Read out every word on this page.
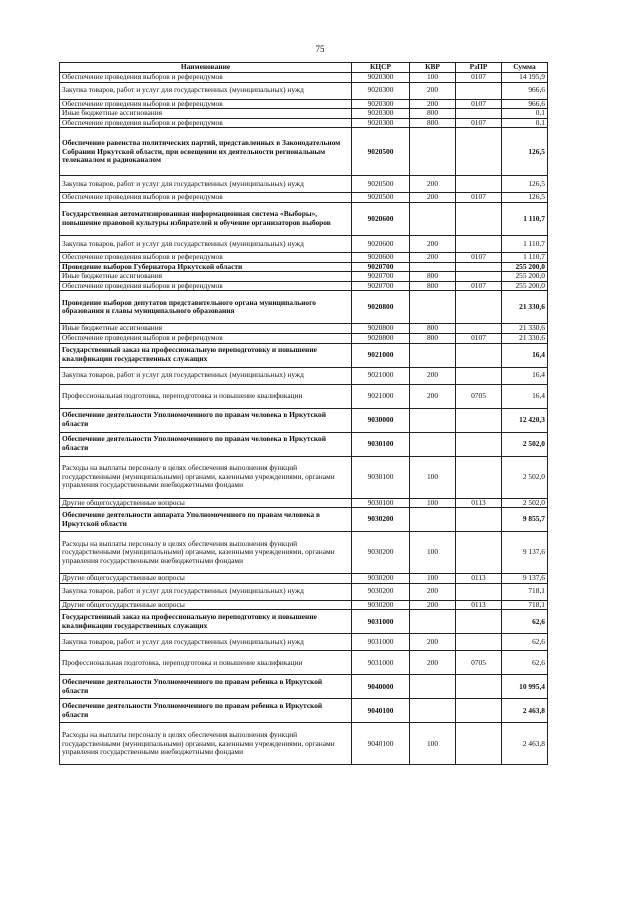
75
Наименование	КЦСР	КВР	РзПР	Сумма
Обеспечение проведения выборов и референдумов	9020300	100	0107	14 195,9
Закупка товаров, работ и услуг для государственных (муниципальных) нужд	9020300	200		966,6
Обеспечение проведения выборов и референдумов	9020300	200	0107	966,6
Иные бюджетные ассигнования	9020300	800		0,1
Обеспечение проведения выборов и референдумов	9020300	800	0107	0,1
Обеспечение равенства политических партий, представленных в Законодательном Собрании Иркутской области, при освещении их деятельности региональным телеканалом и радиоканалом	9020500			126,5
Закупка товаров, работ и услуг для государственных (муниципальных) нужд	9020500	200		126,5
Обеспечение проведения выборов и референдумов	9020500	200	0107	126,5
Государственная автоматизированная информационная система «Выборы», повышение правовой культуры избирателей и обучение организаторов выборов	9020600			1 110,7
Закупка товаров, работ и услуг для государственных (муниципальных) нужд	9020600	200		1 110,7
Обеспечение проведения выборов и референдумов	9020600	200	0107	1 110,7
Проведение выборов Губернатора Иркутской области	9020700			255 200,0
Иные бюджетные ассигнования	9020700	800		255 200,0
Обеспечение проведения выборов и референдумов	9020700	800	0107	255 200,0
Проведение выборов депутатов представительного органа муниципального образования и главы муниципального образования	9020800			21 330,6
Иные бюджетные ассигнования	9020800	800		21 330,6
Обеспечение проведения выборов и референдумов	9020800	800	0107	21 330,6
Государственный заказ на профессиональную переподготовку и повышение квалификации государственных служащих	9021000			16,4
Закупка товаров, работ и услуг для государственных (муниципальных) нужд	9021000	200		16,4
Профессиональная подготовка, переподготовка и повышение квалификации	9021000	200	0705	16,4
Обеспечение деятельности Уполномоченного по правам человека в Иркутской области	9030000			12 420,3
Обеспечение деятельности Уполномоченного по правам человека в Иркутской области	9030100			2 502,0
Расходы на выплаты персоналу в целях обеспечения выполнения функций государственными (муниципальными) органами, казенными учреждениями, органами управления государственными внебюджетными фондами	9030100	100		2 502,0
Другие общегосударственные вопросы	9030100	100	0113	2 502,0
Обеспечение деятельности аппарата Уполномоченного по правам человека в Иркутской области	9030200			9 855,7
Расходы на выплаты персоналу в целях обеспечения выполнения функций государственными (муниципальными) органами, казенными учреждениями, органами управления государственными внебюджетными фондами	9030200	100		9 137,6
Другие общегосударственные вопросы	9030200	100	0113	9 137,6
Закупка товаров, работ и услуг для государственных (муниципальных) нужд	9030200	200		718,1
Другие общегосударственные вопросы	9030200	200	0113	718,1
Государственный заказ на профессиональную переподготовку и повышение квалификации государственных служащих	9031000			62,6
Закупка товаров, работ и услуг для государственных (муниципальных) нужд	9031000	200		62,6
Профессиональная подготовка, переподготовка и повышение квалификации	9031000	200	0705	62,6
Обеспечение деятельности Уполномоченного по правам ребенка в Иркутской области	9040000			10 995,4
Обеспечение деятельности Уполномоченного по правам ребенка в Иркутской области	9040100			2 463,8
Расходы на выплаты персоналу в целях обеспечения выполнения функций государственными (муниципальными) органами, казенными учреждениями, органами управления государственными внебюджетными фондами	9040100	100		2 463,8
